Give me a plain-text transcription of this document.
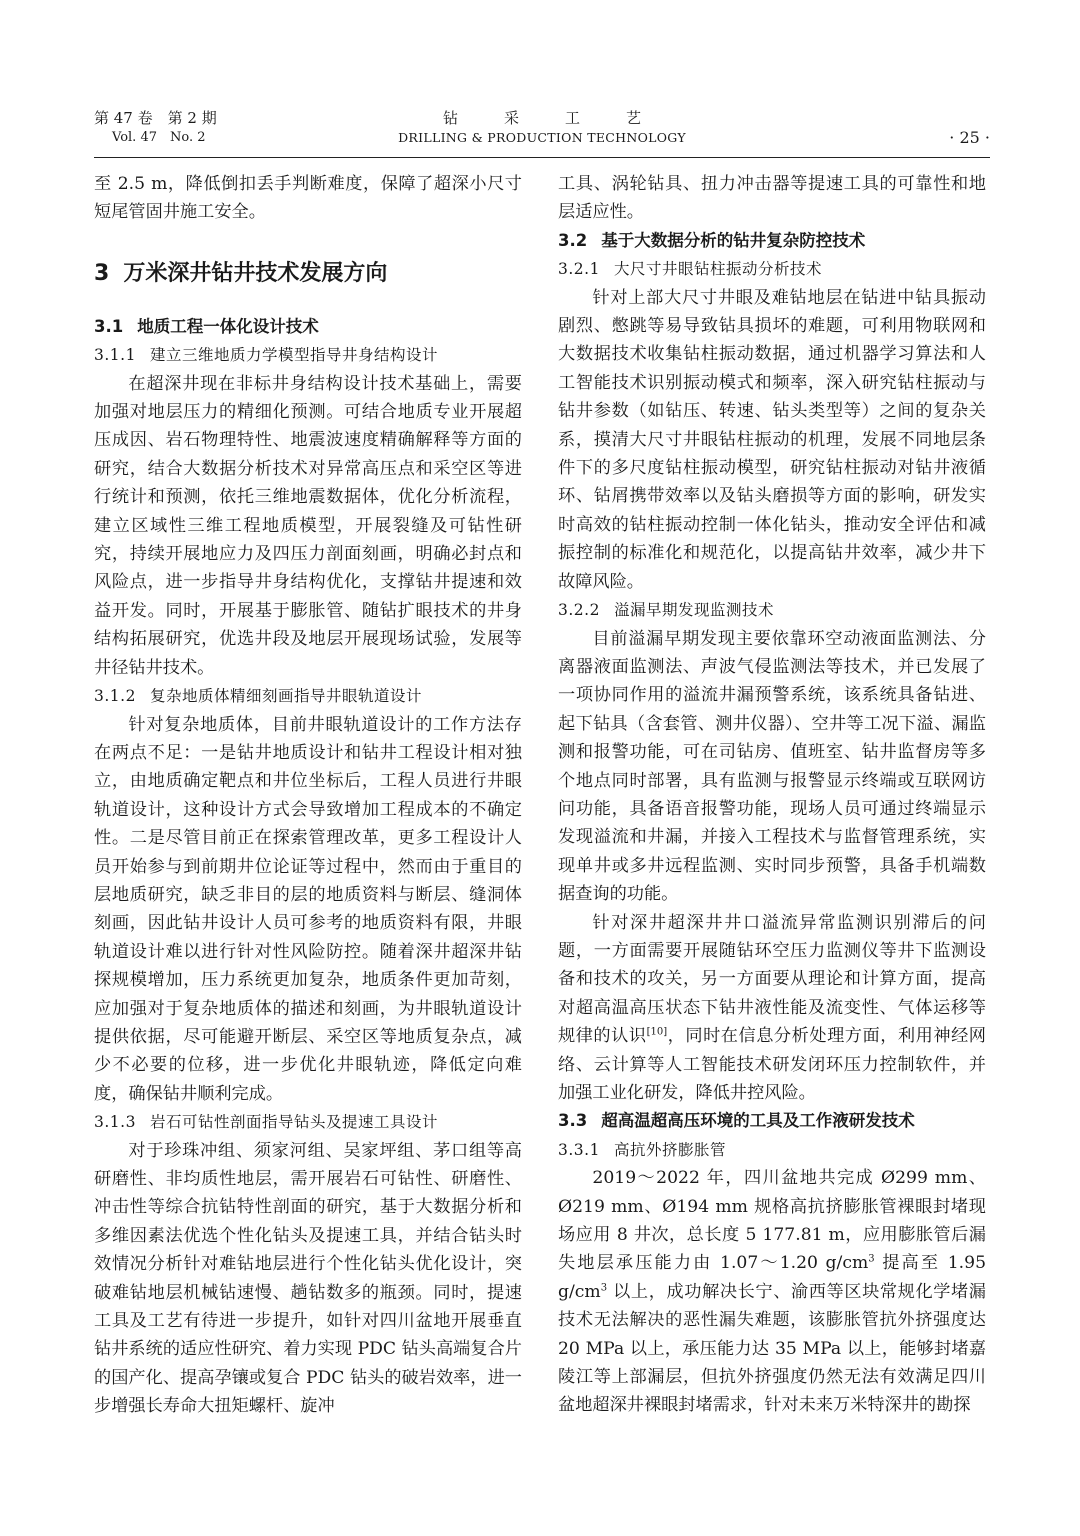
第 47 卷　第 2 期
Vol. 47　No. 2
钻采工艺
DRILLING & PRODUCTION TECHNOLOGY	· 25 ·

至 2.5 m，降低倒扣丢手判断难度，保障了超深小尺寸短尾管固井施工安全。

3 万米深井钻井技术发展方向
3.1 地质工程一体化设计技术
3.1.1 建立三维地质力学模型指导井身结构设计

在超深井现在非标井身结构设计技术基础上，需要加强对地层压力的精细化预测。可结合地质专业开展超压成因、岩石物理特性、地震波速度精确解释等方面的研究，结合大数据分析技术对异常高压点和采空区等进行统计和预测，依托三维地震数据体，优化分析流程，建立区域性三维工程地质模型，开展裂缝及可钻性研究，持续开展地应力及四压力剖面刻画，明确必封点和风险点，进一步指导井身结构优化，支撑钻井提速和效益开发。同时，开展基于膨胀管、随钻扩眼技术的井身结构拓展研究，优选井段及地层开展现场试验，发展等井径钻井技术。

3.1.2 复杂地质体精细刻画指导井眼轨道设计

针对复杂地质体，目前井眼轨道设计的工作方法存在两点不足：一是钻井地质设计和钻井工程设计相对独立，由地质确定靶点和井位坐标后，工程人员进行井眼轨道设计，这种设计方式会导致增加工程成本的不确定性。二是尽管目前正在探索管理改革，更多工程设计人员开始参与到前期井位论证等过程中，然而由于重目的层地质研究，缺乏非目的层的地质资料与断层、缝洞体刻画，因此钻井设计人员可参考的地质资料有限，井眼轨道设计难以进行针对性风险防控。随着深井超深井钻探规模增加，压力系统更加复杂，地质条件更加苛刻，应加强对于复杂地质体的描述和刻画，为井眼轨道设计提供依据，尽可能避开断层、采空区等地质复杂点，减少不必要的位移，进一步优化井眼轨迹，降低定向难度，确保钻井顺利完成。

3.1.3 岩石可钻性剖面指导钻头及提速工具设计

对于珍珠冲组、须家河组、吴家坪组、茅口组等高研磨性、非均质性地层，需开展岩石可钻性、研磨性、冲击性等综合抗钻特性剖面的研究，基于大数据分析和多维因素法优选个性化钻头及提速工具，并结合钻头时效情况分析针对难钻地层进行个性化钻头优化设计，突破难钻地层机械钻速慢、趟钻数多的瓶颈。同时，提速工具及工艺有待进一步提升，如针对四川盆地开展垂直钻井系统的适应性研究、着力实现 PDC 钻头高端复合片的国产化、提高孕镶或复合 PDC 钻头的破岩效率，进一步增强长寿命大扭矩螺杆、旋冲

工具、涡轮钻具、扭力冲击器等提速工具的可靠性和地层适应性。

3.2 基于大数据分析的钻井复杂防控技术
3.2.1 大尺寸井眼钻柱振动分析技术

针对上部大尺寸井眼及难钻地层在钻进中钻具振动剧烈、憋跳等易导致钻具损坏的难题，可利用物联网和大数据技术收集钻柱振动数据，通过机器学习算法和人工智能技术识别振动模式和频率，深入研究钻柱振动与钻井参数（如钻压、转速、钻头类型等）之间的复杂关系，摸清大尺寸井眼钻柱振动的机理，发展不同地层条件下的多尺度钻柱振动模型，研究钻柱振动对钻井液循环、钻屑携带效率以及钻头磨损等方面的影响，研发实时高效的钻柱振动控制一体化钻头，推动安全评估和减振控制的标准化和规范化，以提高钻井效率，减少井下故障风险。

3.2.2 溢漏早期发现监测技术

目前溢漏早期发现主要依靠环空动液面监测法、分离器液面监测法、声波气侵监测法等技术，并已发展了一项协同作用的溢流井漏预警系统，该系统具备钻进、起下钻具（含套管、测井仪器）、空井等工况下溢、漏监测和报警功能，可在司钻房、值班室、钻井监督房等多个地点同时部署，具有监测与报警显示终端或互联网访问功能，具备语音报警功能，现场人员可通过终端显示发现溢流和井漏，并接入工程技术与监督管理系统，实现单井或多井远程监测、实时同步预警，具备手机端数据查询的功能。

针对深井超深井井口溢流异常监测识别滞后的问题，一方面需要开展随钻环空压力监测仪等井下监测设备和技术的攻关，另一方面要从理论和计算方面，提高对超高温高压状态下钻井液性能及流变性、气体运移等规律的认识[10]，同时在信息分析处理方面，利用神经网络、云计算等人工智能技术研发闭环压力控制软件，并加强工业化研发，降低井控风险。

3.3 超高温超高压环境的工具及工作液研发技术
3.3.1 高抗外挤膨胀管

2019～2022 年，四川盆地共完成 Ø299 mm、Ø219 mm、Ø194 mm 规格高抗挤膨胀管裸眼封堵现场应用 8 井次，总长度 5 177.81 m，应用膨胀管后漏失地层承压能力由 1.07～1.20 $g/cm^3$ 提高至 1.95 $g/cm^3$ 以上，成功解决长宁、渝西等区块常规化学堵漏技术无法解决的恶性漏失难题，该膨胀管抗外挤强度达 20 MPa 以上，承压能力达 35 MPa 以上，能够封堵嘉陵江等上部漏层，但抗外挤强度仍然无法有效满足四川盆地超深井裸眼封堵需求，针对未来万米特深井的勘探
